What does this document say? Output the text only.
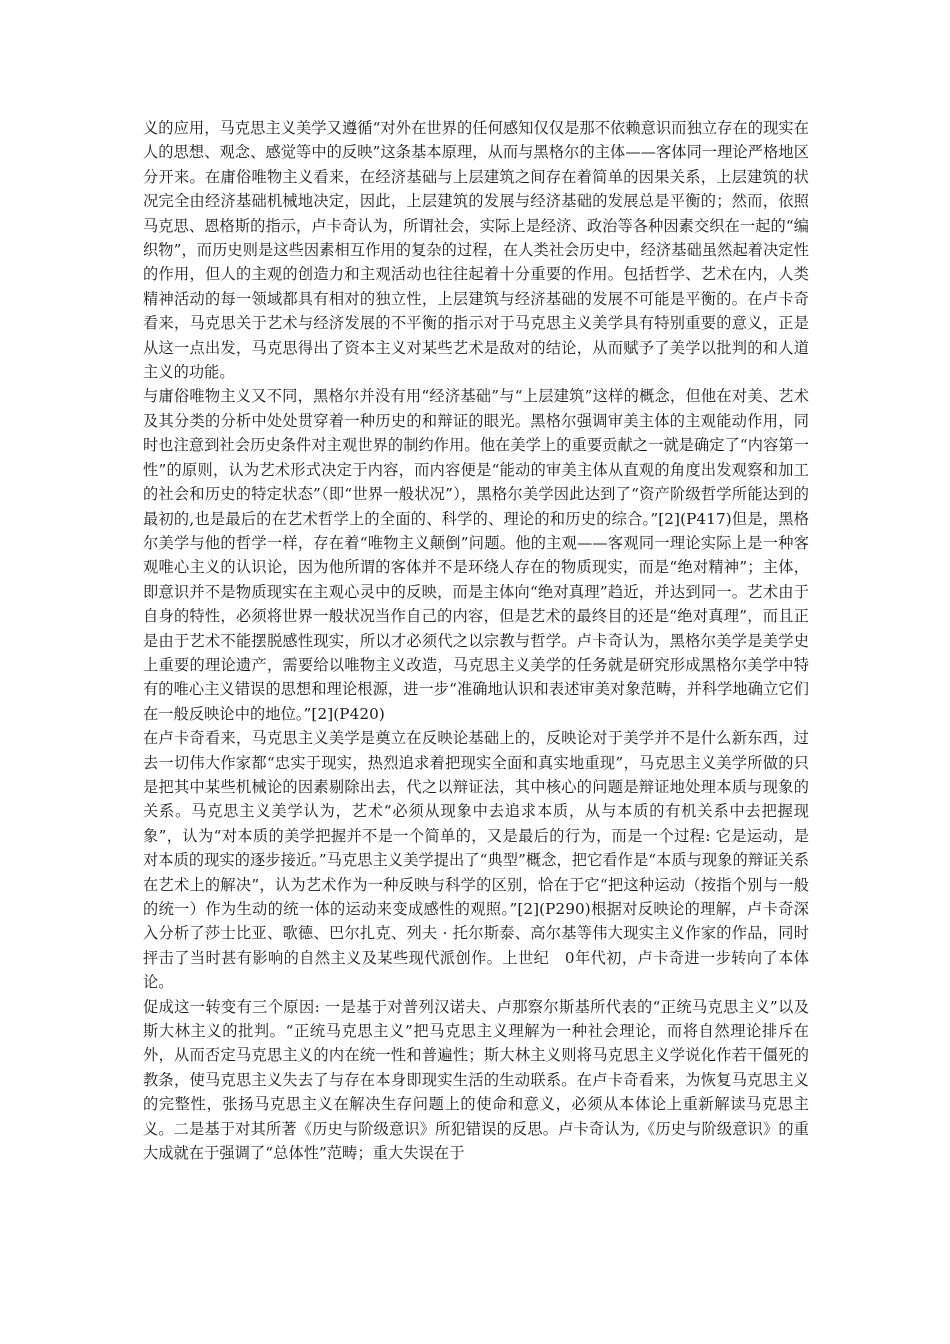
义的应用，马克思主义美学又遵循“对外在世界的任何感知仅仅是那不依赖意识而独立存在的现实在人的思想、观念、感觉等中的反映”这条基本原理，从而与黑格尔的主体——客体同一理论严格地区分开来。在庸俗唯物主义看来，在经济基础与上层建筑之间存在着简单的因果关系，上层建筑的状况完全由经济基础机械地决定，因此，上层建筑的发展与经济基础的发展总是平衡的；然而，依照马克思、恩格斯的指示，卢卡奇认为，所谓社会，实际上是经济、政治等各种因素交织在一起的“编织物”，而历史则是这些因素相互作用的复杂的过程，在人类社会历史中，经济基础虽然起着决定性的作用，但人的主观的创造力和主观活动也往往起着十分重要的作用。包括哲学、艺术在内，人类精神活动的每一领域都具有相对的独立性，上层建筑与经济基础的发展不可能是平衡的。在卢卡奇看来，马克思关于艺术与经济发展的不平衡的指示对于马克思主义美学具有特别重要的意义，正是从这一点出发，马克思得出了资本主义对某些艺术是敌对的结论，从而赋予了美学以批判的和人道主义的功能。

与庸俗唯物主义又不同，黑格尔并没有用“经济基础”与“上层建筑”这样的概念，但他在对美、艺术及其分类的分析中处处贯穿着一种历史的和辩证的眼光。黑格尔强调审美主体的主观能动作用，同时也注意到社会历史条件对主观世界的制约作用。他在美学上的重要贡献之一就是确定了“内容第一性”的原则，认为艺术形式决定于内容，而内容便是“能动的审美主体从直观的角度出发观察和加工的社会和历史的特定状态”（即“世界一般状况”），黑格尔美学因此达到了“资产阶级哲学所能达到的最初的,也是最后的在艺术哲学上的全面的、科学的、理论的和历史的综合。”[2](P417)但是，黑格尔美学与他的哲学一样，存在着“唯物主义颠倒”问题。他的主观——客观同一理论实际上是一种客观唯心主义的认识论，因为他所谓的客体并不是环绕人存在的物质现实，而是“绝对精神”；主体，即意识并不是物质现实在主观心灵中的反映，而是主体向“绝对真理”趋近，并达到同一。艺术由于自身的特性，必须将世界一般状况当作自己的内容，但是艺术的最终目的还是“绝对真理”，而且正是由于艺术不能摆脱感性现实，所以才必须代之以宗教与哲学。卢卡奇认为，黑格尔美学是美学史上重要的理论遗产，需要给以唯物主义改造，马克思主义美学的任务就是研究形成黑格尔美学中特有的唯心主义错误的思想和理论根源，进一步“准确地认识和表述审美对象范畴，并科学地确立它们在一般反映论中的地位。”[2](P420)

在卢卡奇看来，马克思主义美学是奠立在反映论基础上的，反映论对于美学并不是什么新东西，过去一切伟大作家都“忠实于现实，热烈追求着把现实全面和真实地重现”，马克思主义美学所做的只是把其中某些机械论的因素剔除出去，代之以辩证法，其中核心的问题是辩证地处理本质与现象的关系。马克思主义美学认为，艺术“必须从现象中去追求本质，从与本质的有机关系中去把握现象”，认为“对本质的美学把握并不是一个简单的，又是最后的行为，而是一个过程: 它是运动，是对本质的现实的逐步接近。”马克思主义美学提出了“典型”概念，把它看作是“本质与现象的辩证关系在艺术上的解决”，认为艺术作为一种反映与科学的区别，恰在于它“把这种运动（按指个别与一般的统一）作为生动的统一体的运动来变成感性的观照。”[2](P290)根据对反映论的理解，卢卡奇深入分析了莎士比亚、歌德、巴尔扎克、列夫 · 托尔斯泰、高尔基等伟大现实主义作家的作品，同时抨击了当时甚有影响的自然主义及某些现代派创作。上世纪　0年代初，卢卡奇进一步转向了本体论。

促成这一转变有三个原因: 一是基于对普列汉诺夫、卢那察尔斯基所代表的“正统马克思主义”以及斯大林主义的批判。“正统马克思主义”把马克思主义理解为一种社会理论，而将自然理论排斥在外，从而否定马克思主义的内在统一性和普遍性；斯大林主义则将马克思主义学说化作若干僵死的教条，使马克思主义失去了与存在本身即现实生活的生动联系。在卢卡奇看来，为恢复马克思主义的完整性，张扬马克思主义在解决生存问题上的使命和意义，必须从本体论上重新解读马克思主义。二是基于对其所著《历史与阶级意识》所犯错误的反思。卢卡奇认为,《历史与阶级意识》的重大成就在于强调了“总体性”范畴；重大失误在于
